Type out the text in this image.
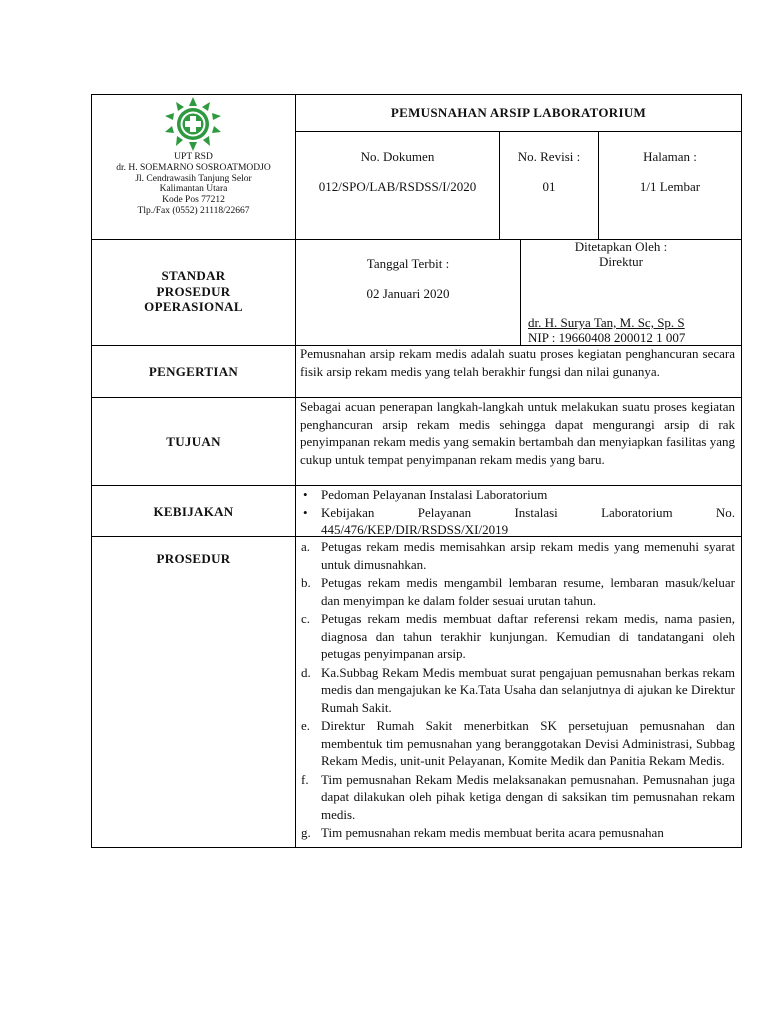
UPT RSD
dr. H. SOEMARNO SOSROATMODJO
Jl. Cendrawasih Tanjung Selor
Kalimantan Utara
Kode Pos 77212
Tlp./Fax (0552) 21118/22667
PEMUSNAHAN ARSIP LABORATORIUM
No. Dokumen
012/SPO/LAB/RSDSS/I/2020
No. Revisi :
01
Halaman :
1/1 Lembar
STANDAR
PROSEDUR
OPERASIONAL
Tanggal Terbit :
02 Januari 2020
Ditetapkan Oleh :
Direktur
dr. H. Surya Tan, M. Sc, Sp. S
NIP : 19660408 200012 1 007
PENGERTIAN
Pemusnahan arsip rekam medis adalah suatu proses kegiatan penghancuran secara fisik arsip rekam medis yang telah berakhir fungsi dan nilai gunanya.
TUJUAN
Sebagai acuan penerapan langkah-langkah untuk melakukan suatu proses kegiatan penghancuran arsip rekam medis sehingga dapat mengurangi arsip di rak penyimpanan rekam medis yang semakin bertambah dan menyiapkan fasilitas yang cukup untuk tempat penyimpanan rekam medis yang baru.
KEBIJAKAN
• Pedoman Pelayanan Instalasi Laboratorium
• Kebijakan Pelayanan Instalasi Laboratorium No. 445/476/KEP/DIR/RSDSS/XI/2019
PROSEDUR
a. Petugas rekam medis memisahkan arsip rekam medis yang memenuhi syarat untuk dimusnahkan.
b. Petugas rekam medis mengambil lembaran resume, lembaran masuk/keluar dan menyimpan ke dalam folder sesuai urutan tahun.
c. Petugas rekam medis membuat daftar referensi rekam medis, nama pasien, diagnosa dan tahun terakhir kunjungan. Kemudian di tandatangani oleh petugas penyimpanan arsip.
d. Ka.Subbag Rekam Medis membuat surat pengajuan pemusnahan berkas rekam medis dan mengajukan ke Ka.Tata Usaha dan selanjutnya di ajukan ke Direktur Rumah Sakit.
e. Direktur Rumah Sakit menerbitkan SK persetujuan pemusnahan dan membentuk tim pemusnahan yang beranggotakan Devisi Administrasi, Subbag Rekam Medis, unit-unit Pelayanan, Komite Medik dan Panitia Rekam Medis.
f. Tim pemusnahan Rekam Medis melaksanakan pemusnahan. Pemusnahan juga dapat dilakukan oleh pihak ketiga dengan di saksikan tim pemusnahan rekam medis.
g. Tim pemusnahan rekam medis membuat berita acara pemusnahan
